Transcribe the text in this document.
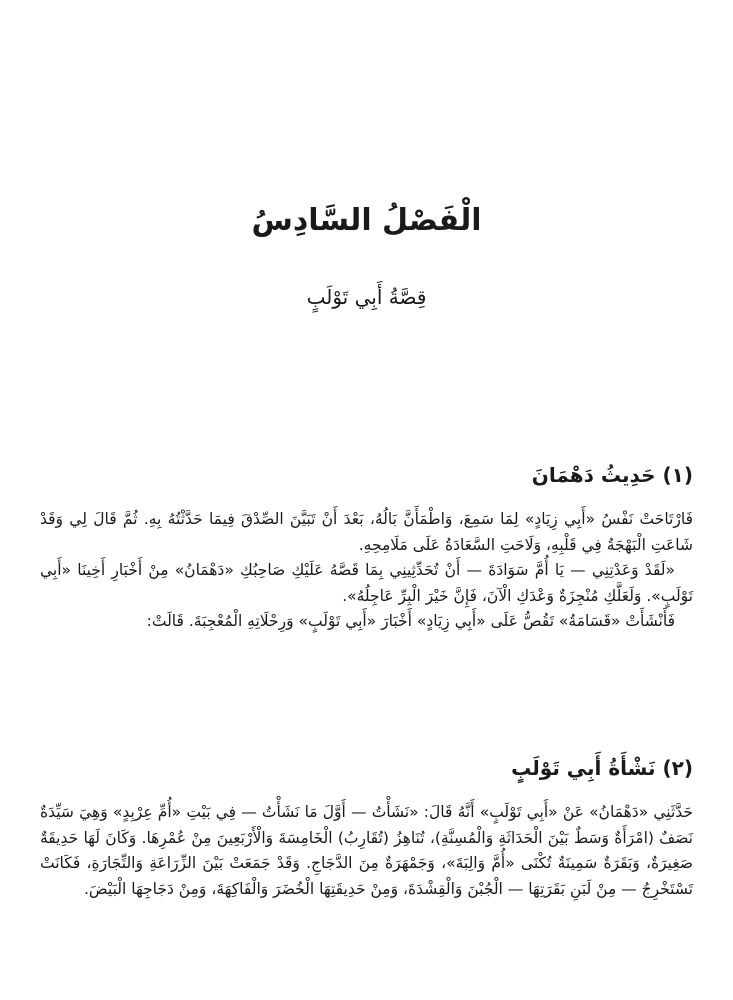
الْفَصْلُ السَّادِسُ
قِصَّةُ أَبِي تَوْلَبٍ
(١) حَدِيثُ دَهْمَانَ

فَارْتَاحَتْ نَفْسُ «أَبِي زِيَادٍ» لِمَا سَمِعَ، وَاطْمَأَنَّ بَالُهُ، بَعْدَ أَنْ تَبَيَّنَ الصِّدْقَ فِيمَا حَدَّثْتُهُ بِهِ. ثُمَّ قَالَ لِي وَقَدْ شَاعَتِ الْبَهْجَةُ فِي قَلْبِهِ، وَلَاحَتِ السَّعَادَةُ عَلَى مَلَامِحِهِ.

«لَقَدْ وَعَدْتِنِي — يَا أُمَّ سَوَادَةَ — أَنْ تُحَدِّثِينِي بِمَا قَصَّهُ عَلَيْكِ صَاحِبُكِ «دَهْمَانُ» مِنْ أَخْبَارِ أَخِينَا «أَبِي تَوْلَبٍ». وَلَعَلَّكِ مُنْجِزَةٌ وَعْدَكِ الْآنَ، فَإِنَّ خَيْرَ الْبِرِّ عَاجِلُهُ».

فَأَنْشَأَتْ «قَسَامَةُ» تَقُصُّ عَلَى «أَبِي زِيَادٍ» أَخْبَارَ «أَبِي تَوْلَبٍ» وَرِحْلَاتِهِ الْمُعْجِبَةَ. قَالَتْ:

(٢) نَشْأَةُ أَبِي تَوْلَبٍ

حَدَّثَنِي «دَهْمَانُ» عَنْ «أَبِي تَوْلَبٍ» أَنَّهُ قَالَ: «نَشَأْتُ — أَوَّلَ مَا نَشَأْتُ — فِي بَيْتِ «أُمِّ عِرْبِدٍ» وَهِيَ سَيِّدَةٌ نَصَفٌ (امْرَأَةٌ وَسَطٌ بَيْنَ الْحَدَاثَةِ وَالْمُسِنَّةِ)، تُنَاهِزُ (تُقَارِبُ) الْخَامِسَةَ وَالْأَرْبَعِينَ مِنْ عُمْرِهَا. وَكَانَ لَهَا حَدِيقَةٌ صَغِيرَةٌ، وَبَقَرَةٌ سَمِينَةٌ تُكْنَى «أُمَّ وَالِبَةَ»، وَجَمْهَرَةٌ مِنَ الدَّجَاجِ. وَقَدْ جَمَعَتْ بَيْنَ الزِّرَاعَةِ وَالتِّجَارَةِ، فَكَانَتْ تَسْتَخْرِجُ — مِنْ لَبَنِ بَقَرَتِهَا — الْجُبْنَ وَالْقِشْدَةَ، وَمِنْ حَدِيقَتِهَا الْخُضَرَ وَالْفَاكِهَةَ، وَمِنْ دَجَاجِهَا الْبَيْضَ.
